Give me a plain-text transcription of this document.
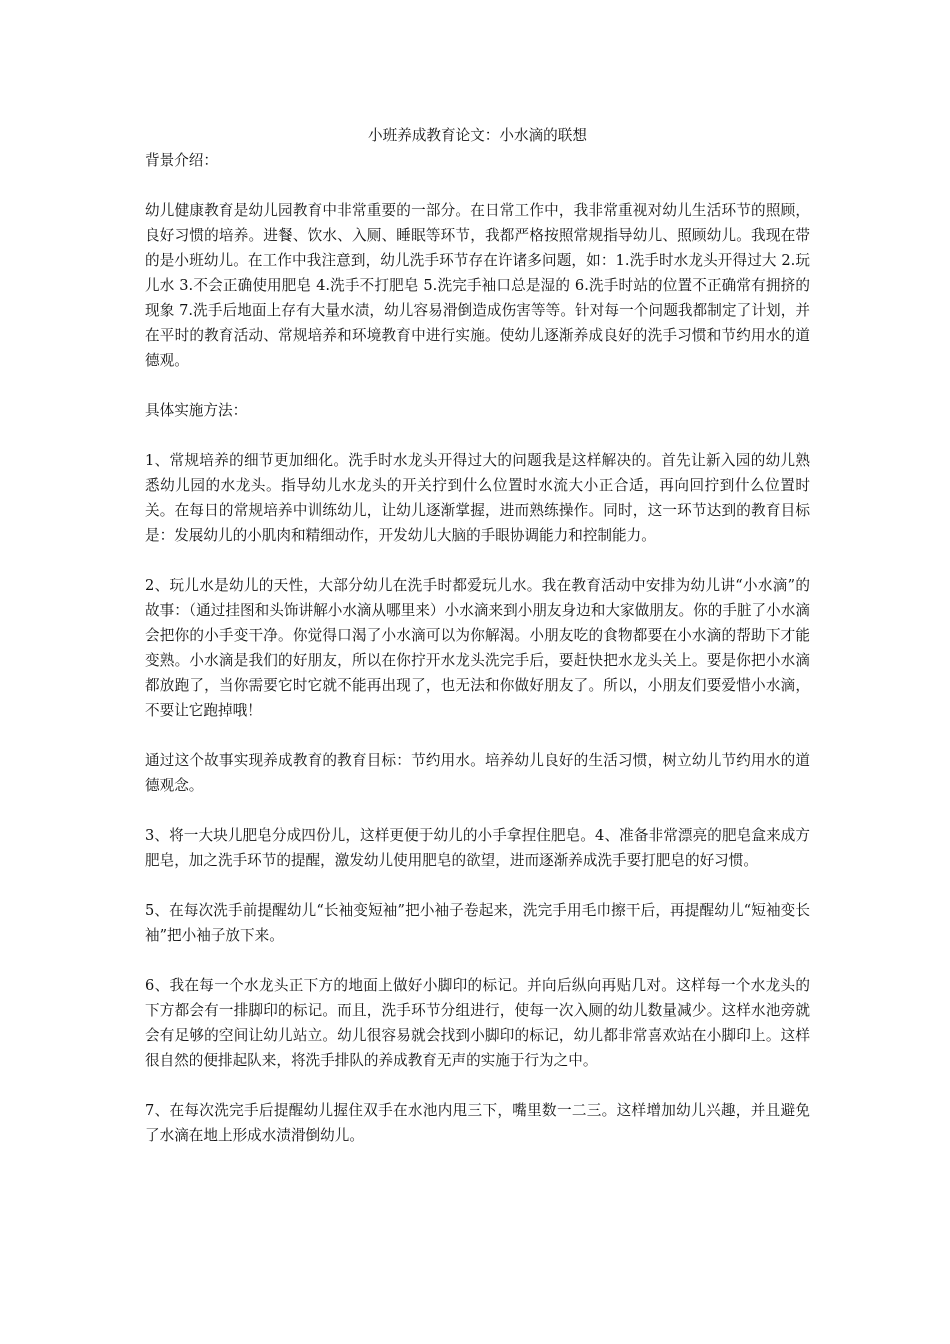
小班养成教育论文：小水滴的联想

背景介绍：

幼儿健康教育是幼儿园教育中非常重要的一部分。在日常工作中，我非常重视对幼儿生活环节的照顾，良好习惯的培养。进餐、饮水、入厕、睡眠等环节，我都严格按照常规指导幼儿、照顾幼儿。我现在带的是小班幼儿。在工作中我注意到，幼儿洗手环节存在许诸多问题，如：1.洗手时水龙头开得过大 2.玩儿水 3.不会正确使用肥皂 4.洗手不打肥皂 5.洗完手袖口总是湿的 6.洗手时站的位置不正确常有拥挤的现象 7.洗手后地面上存有大量水渍，幼儿容易滑倒造成伤害等等。针对每一个问题我都制定了计划，并在平时的教育活动、常规培养和环境教育中进行实施。使幼儿逐渐养成良好的洗手习惯和节约用水的道德观。

具体实施方法：

1、常规培养的细节更加细化。洗手时水龙头开得过大的问题我是这样解决的。首先让新入园的幼儿熟悉幼儿园的水龙头。指导幼儿水龙头的开关拧到什么位置时水流大小正合适，再向回拧到什么位置时关。在每日的常规培养中训练幼儿，让幼儿逐渐掌握，进而熟练操作。同时，这一环节达到的教育目标是：发展幼儿的小肌肉和精细动作，开发幼儿大脑的手眼协调能力和控制能力。

2、玩儿水是幼儿的天性，大部分幼儿在洗手时都爱玩儿水。我在教育活动中安排为幼儿讲“小水滴”的故事：（通过挂图和头饰讲解小水滴从哪里来）小水滴来到小朋友身边和大家做朋友。你的手脏了小水滴会把你的小手变干净。你觉得口渴了小水滴可以为你解渴。小朋友吃的食物都要在小水滴的帮助下才能变熟。小水滴是我们的好朋友，所以在你拧开水龙头洗完手后，要赶快把水龙头关上。要是你把小水滴都放跑了，当你需要它时它就不能再出现了，也无法和你做好朋友了。所以，小朋友们要爱惜小水滴，不要让它跑掉哦！

通过这个故事实现养成教育的教育目标：节约用水。培养幼儿良好的生活习惯，树立幼儿节约用水的道德观念。

3、将一大块儿肥皂分成四份儿，这样更便于幼儿的小手拿捏住肥皂。4、准备非常漂亮的肥皂盒来成方肥皂，加之洗手环节的提醒，激发幼儿使用肥皂的欲望，进而逐渐养成洗手要打肥皂的好习惯。

5、在每次洗手前提醒幼儿“长袖变短袖”把小袖子卷起来，洗完手用毛巾擦干后，再提醒幼儿“短袖变长袖”把小袖子放下来。

6、我在每一个水龙头正下方的地面上做好小脚印的标记。并向后纵向再贴几对。这样每一个水龙头的下方都会有一排脚印的标记。而且，洗手环节分组进行，使每一次入厕的幼儿数量减少。这样水池旁就会有足够的空间让幼儿站立。幼儿很容易就会找到小脚印的标记，幼儿都非常喜欢站在小脚印上。这样很自然的便排起队来，将洗手排队的养成教育无声的实施于行为之中。

7、在每次洗完手后提醒幼儿握住双手在水池内甩三下，嘴里数一二三。这样增加幼儿兴趣，并且避免了水滴在地上形成水渍滑倒幼儿。
